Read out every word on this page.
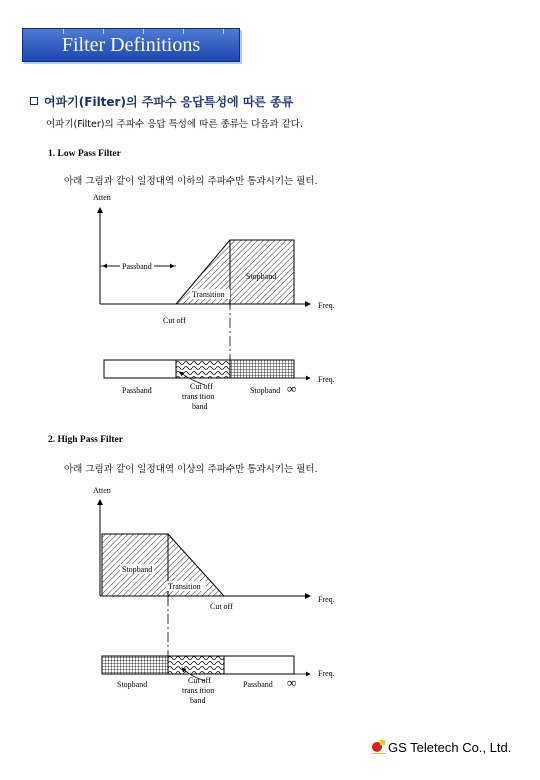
Filter Definitions
여파기(Filter)의 주파수 응답특성에 따른 종류
여파기(Filter)의 주파수 응답 특성에 따른 종류는 다음과 같다.
1. Low Pass Filter
아래 그림과 같이 일정대역 이하의 주파수만 통과시키는 필터.
Atten
Passband
Stopband
Transition
Freq.
Cut off
Freq.
Passband	Cut off
trans ition
band
Stopband ∞
2. High Pass Filter
아래 그림과 같이 일정대역 이상의 주파수만 통과시키는 필터.
Atten
Stopband
Transition
Cut off
Freq.
Freq.
Stopband	Cut off
trans ition
band
Passband ∞
GS Teletech Co., Ltd.
